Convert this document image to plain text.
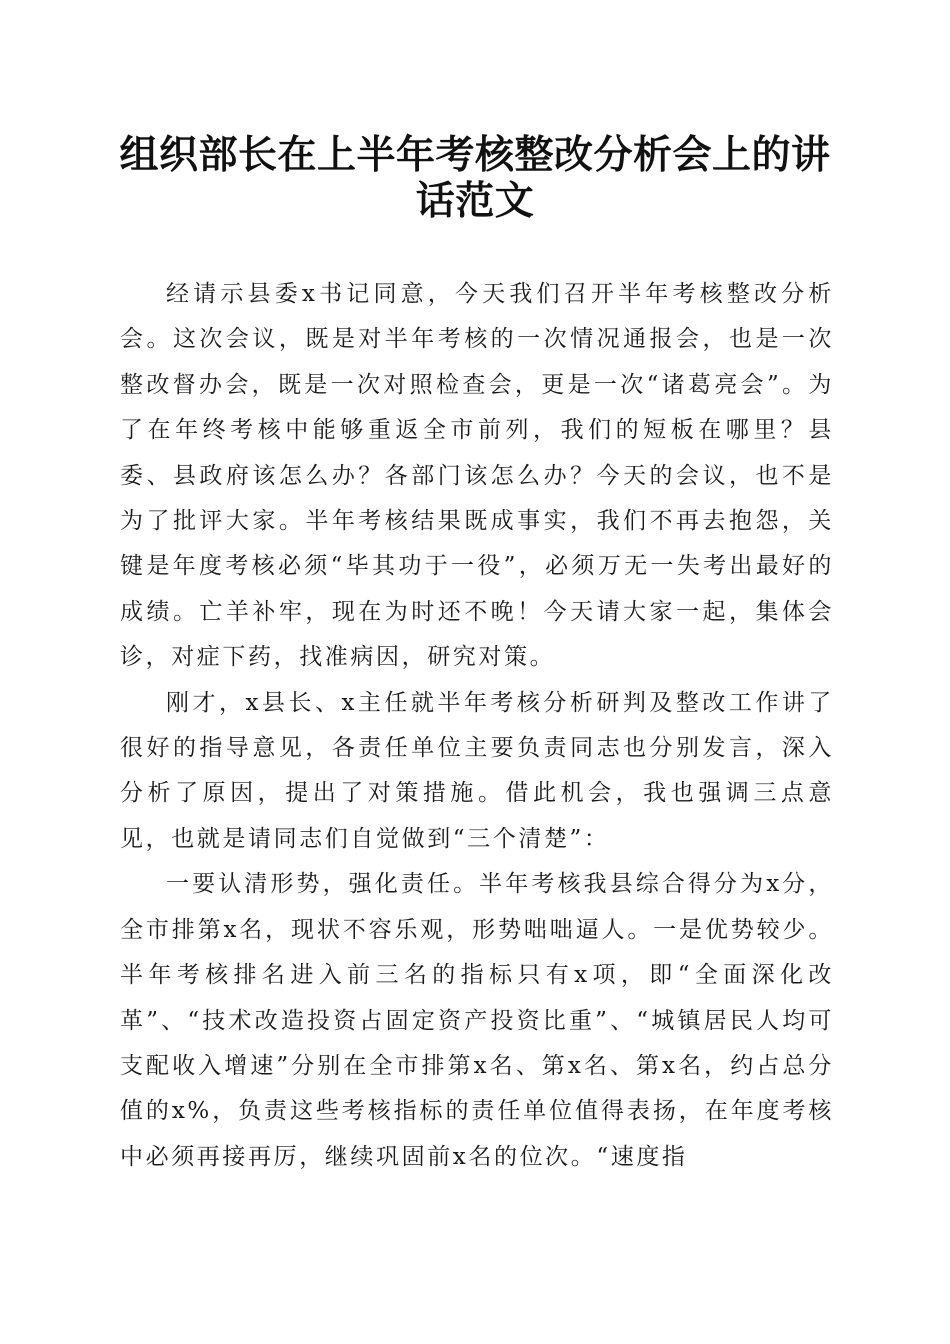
组织部长在上半年考核整改分析会上的讲话范文

经请示县委x书记同意，今天我们召开半年考核整改分析会。这次会议，既是对半年考核的一次情况通报会，也是一次整改督办会，既是一次对照检查会，更是一次“诸葛亮会”。为了在年终考核中能够重返全市前列，我们的短板在哪里？县委、县政府该怎么办？各部门该怎么办？今天的会议，也不是为了批评大家。半年考核结果既成事实，我们不再去抱怨，关键是年度考核必须“毕其功于一役”，必须万无一失考出最好的成绩。亡羊补牢，现在为时还不晚！今天请大家一起，集体会诊，对症下药，找准病因，研究对策。

刚才，x县长、x主任就半年考核分析研判及整改工作讲了很好的指导意见，各责任单位主要负责同志也分别发言，深入分析了原因，提出了对策措施。借此机会，我也强调三点意见，也就是请同志们自觉做到“三个清楚”：

一要认清形势，强化责任。半年考核我县综合得分为x分，全市排第x名，现状不容乐观，形势咄咄逼人。一是优势较少。半年考核排名进入前三名的指标只有x项，即“全面深化改革”、“技术改造投资占固定资产投资比重”、“城镇居民人均可支配收入增速”分别在全市排第x名、第x名、第x名，约占总分值的x%，负责这些考核指标的责任单位值得表扬，在年度考核中必须再接再厉，继续巩固前x名的位次。“速度指
